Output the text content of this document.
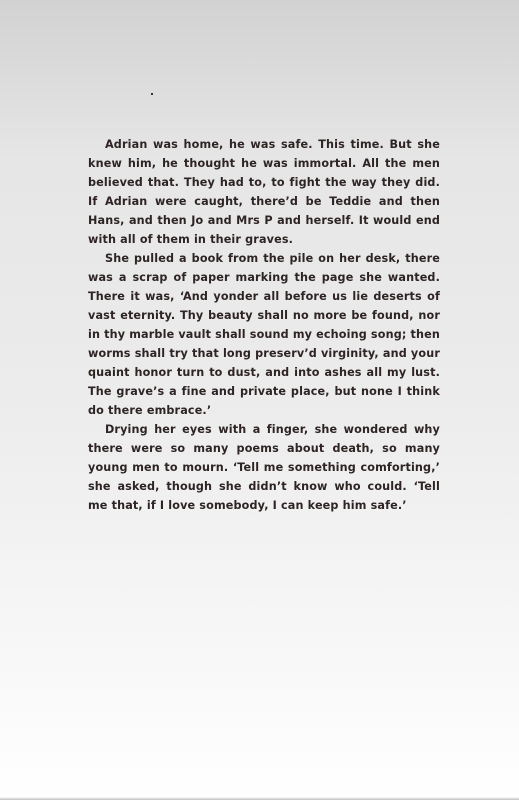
Adrian was home, he was safe. This time. But she knew him, he thought he was immortal. All the men believed that. They had to, to fight the way they did. If Adrian were caught, there’d be Teddie and then Hans, and then Jo and Mrs P and herself. It would end with all of them in their graves.

She pulled a book from the pile on her desk, there was a scrap of paper marking the page she wanted. There it was, ‘And yonder all before us lie deserts of vast eternity. Thy beauty shall no more be found, nor in thy marble vault shall sound my echoing song; then worms shall try that long preserv’d virginity, and your quaint honor turn to dust, and into ashes all my lust. The grave’s a fine and private place, but none I think do there embrace.’

Drying her eyes with a finger, she wondered why there were so many poems about death, so many young men to mourn. ‘Tell me something comforting,’ she asked, though she didn’t know who could. ‘Tell me that, if I love somebody, I can keep him safe.’
